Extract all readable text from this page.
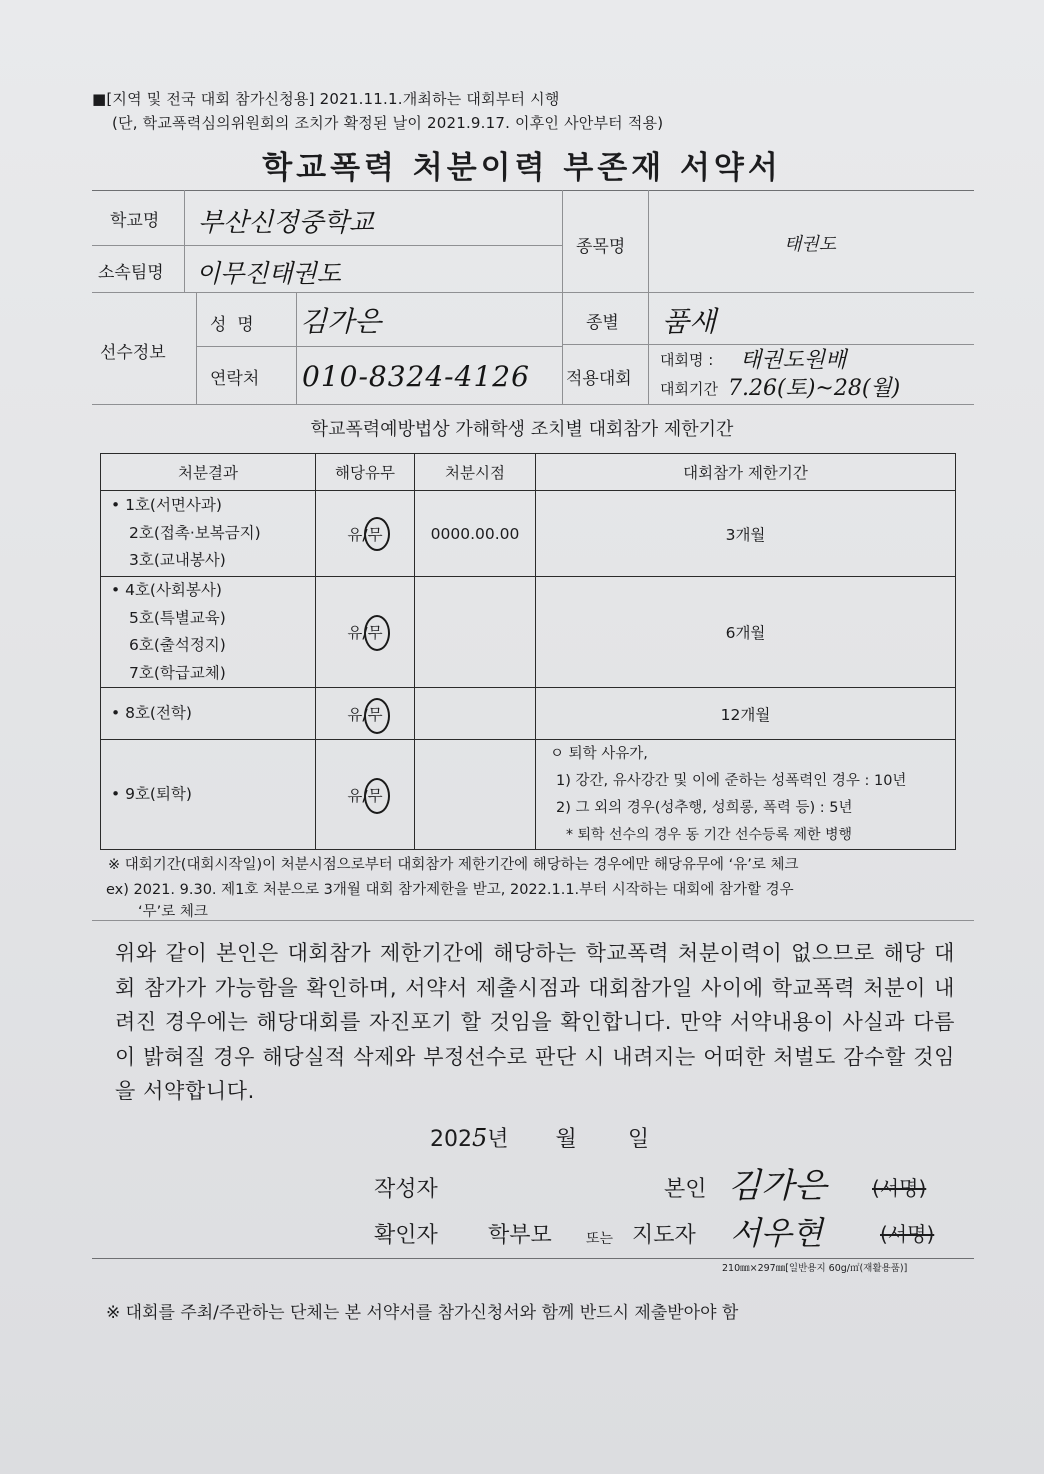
■[지역 및 전국 대회 참가신청용] 2021.11.1.개최하는 대회부터 시행
(단, 학교폭력심의위원회의 조치가 확정된 날이 2021.9.17. 이후인 사안부터 적용)
학교폭력 처분이력 부존재 서약서
학교명 부산신정중학교
소속팀명 이무진태권도
종목명	태권도
선수정보
성  명 김가은
연락처 010-8324-4126
종별 품새
적용대회
대회명 : 태권도원배
대회기간 7.26(토)~28(월)
학교폭력예방법상 가해학생 조치별 대회참가 제한기간
처분결과	해당유무	처분시점	대회참가 제한기간

• 1호(서면사과)
2호(접촉·보복금지)
3호(교내봉사)	유/무	0000.00.00	3개월

• 4호(사회봉사)
5호(특별교육)
6호(출석정지)
7호(학급교체)	유/무		6개월

• 8호(전학)	유/무		12개월

• 9호(퇴학)	유/무		ㅇ 퇴학 사유가,
1) 강간, 유사강간 및 이에 준하는 성폭력인 경우 : 10년
2) 그 외의 경우(성추행, 성희롱, 폭력 등) : 5년
* 퇴학 선수의 경우 동 기간 선수등록 제한 병행
※ 대회기간(대회시작일)이 처분시점으로부터 대회참가 제한기간에 해당하는 경우에만 해당유무에 ‘유’로 체크
ex) 2021. 9.30. 제1호 처분으로 3개월 대회 참가제한을 받고, 2022.1.1.부터 시작하는 대회에 참가할 경우
‘무’로 체크
위와 같이 본인은 대회참가 제한기간에 해당하는 학교폭력 처분이력이 없으므로 해당 대회 참가가 가능함을 확인하며, 서약서 제출시점과 대회참가일 사이에 학교폭력 처분이 내려진 경우에는 해당대회를 자진포기 할 것임을 확인합니다. 만약 서약내용이 사실과 다름이 밝혀질 경우 해당실적 삭제와 부정선수로 판단 시 내려지는 어떠한 처벌도 감수할 것임을 서약합니다.
2025년 월 일
작성자	본인 김가은 (서명)
확인자 학부모 또는 지도자 서우현	(서명)
210㎜×297㎜[일반용지 60g/㎡(재활용품)]
※ 대회를 주최/주관하는 단체는 본 서약서를 참가신청서와 함께 반드시 제출받아야 함
